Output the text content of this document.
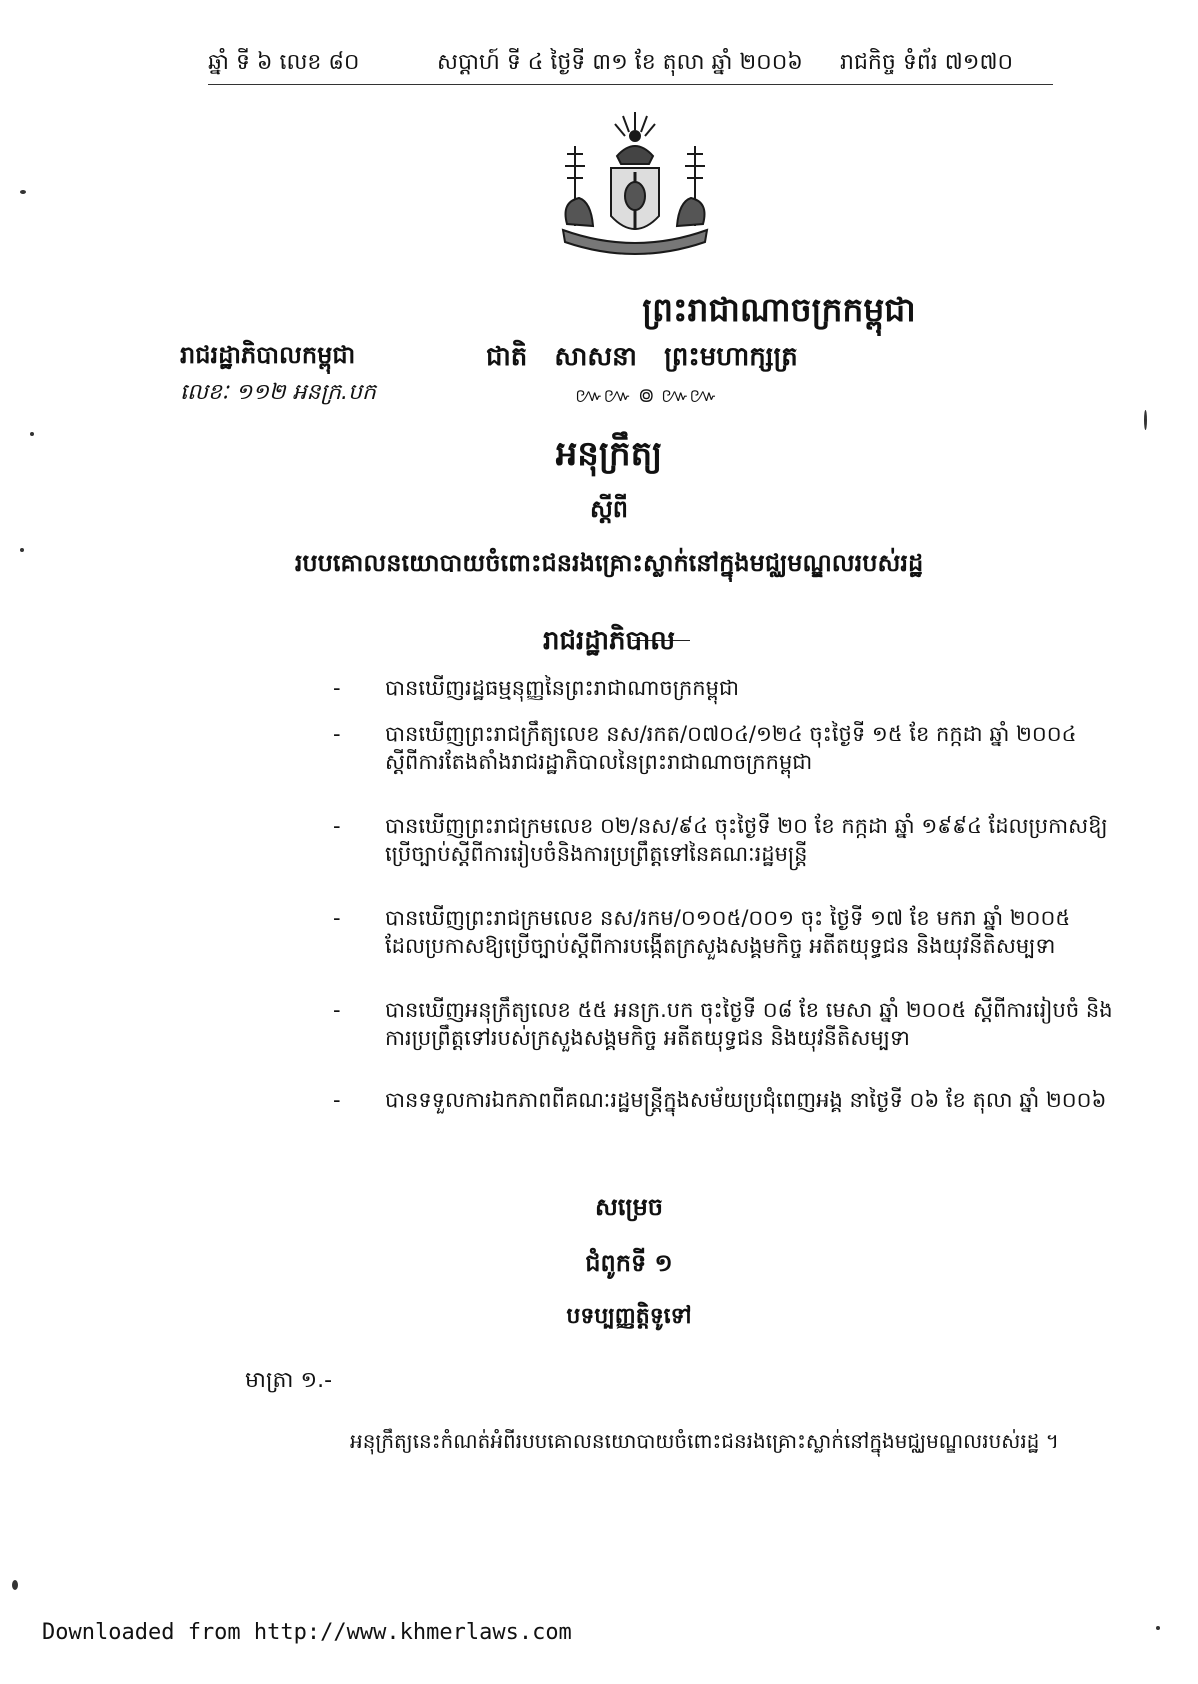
ឆ្នាំ ទី ៦ លេខ ៨០	សប្តាហ៍ ទី ៤ ថ្ងៃទី ៣១ ខែ តុលា ឆ្នាំ ២០០៦ រាជកិច្ច ទំព័រ ៧១៧០
ព្រះរាជាណាចក្រកម្ពុជា
រាជរដ្ឋាភិបាលកម្ពុជា
លេខៈ ១១២ អនក្រ.បក
ជាតិ   សាសនា   ព្រះមហាក្សត្រ
៚៚ ៙ ៚៚
អនុក្រឹត្យ
ស្តីពី
របបគោលនយោបាយចំពោះជនរងគ្រោះស្លាក់នៅក្នុងមជ្ឈមណ្ឌលរបស់រដ្ឋ
រាជរដ្ឋាភិបាល
- បានឃើញរដ្ឋធម្មនុញ្ញនៃព្រះរាជាណាចក្រកម្ពុជា
- បានឃើញព្រះរាជក្រឹត្យលេខ នស/រកត/០៧០៤/១២៤ ចុះថ្ងៃទី ១៥ ខែ កក្កដា ឆ្នាំ ២០០៤ ស្តីពីការតែងតាំងរាជរដ្ឋាភិបាលនៃព្រះរាជាណាចក្រកម្ពុជា
- បានឃើញព្រះរាជក្រមលេខ ០២/នស/៩៤ ចុះថ្ងៃទី ២០ ខែ កក្កដា ឆ្នាំ ១៩៩៤ ដែលប្រកាសឱ្យប្រើច្បាប់ស្តីពីការរៀបចំនិងការប្រព្រឹត្តទៅនៃគណៈរដ្ឋមន្ត្រី
- បានឃើញព្រះរាជក្រមលេខ នស/រកម/០១០៥/០០១ ចុះ ថ្ងៃទី ១៧ ខែ មករា ឆ្នាំ ២០០៥ ដែលប្រកាសឱ្យប្រើច្បាប់ស្តីពីការបង្កើតក្រសួងសង្គមកិច្ច អតីតយុទ្ធជន និងយុវនីតិសម្បទា
- បានឃើញអនុក្រឹត្យលេខ ៥៥ អនក្រ.បក ចុះថ្ងៃទី ០៨ ខែ មេសា ឆ្នាំ ២០០៥ ស្តីពីការរៀបចំ និងការប្រព្រឹត្តទៅរបស់ក្រសួងសង្គមកិច្ច អតីតយុទ្ធជន និងយុវនីតិសម្បទា
- បានទទួលការឯកភាពពីគណៈរដ្ឋមន្ត្រីក្នុងសម័យប្រជុំពេញអង្គ នាថ្ងៃទី ០៦ ខែ តុលា ឆ្នាំ ២០០៦
សម្រេច
ជំពូកទី ១
បទប្បញ្ញត្តិទូទៅ
មាត្រា ១.-
អនុក្រឹត្យនេះកំណត់អំពីរបបគោលនយោបាយចំពោះជនរងគ្រោះស្លាក់នៅក្នុងមជ្ឈមណ្ឌលរបស់រដ្ឋ ។
Downloaded from http://www.khmerlaws.com
